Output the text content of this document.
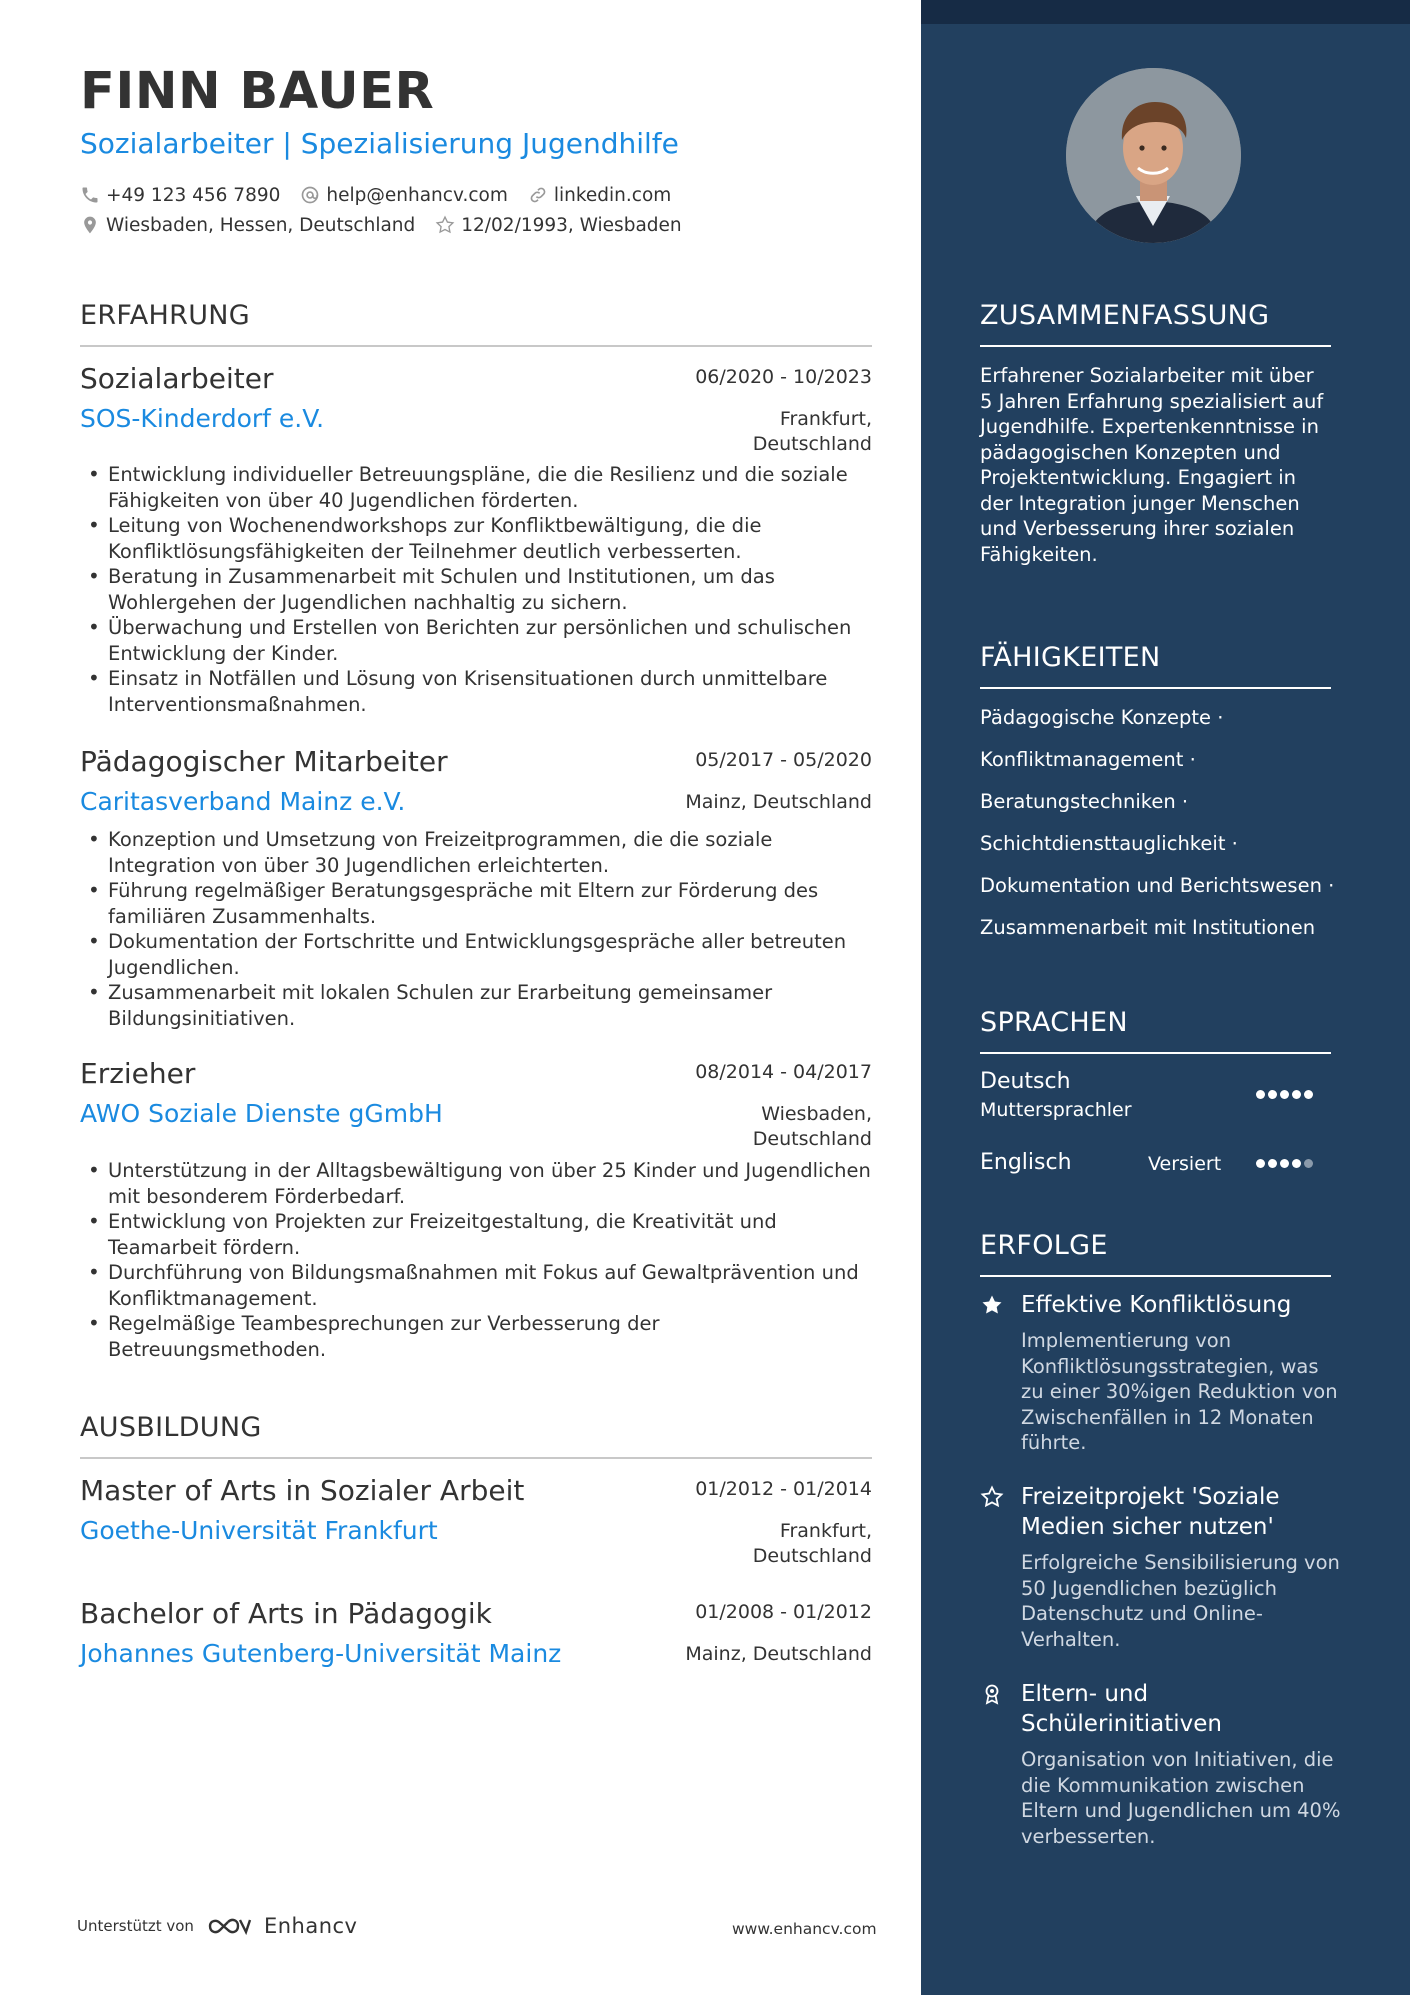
FINN BAUER
Sozialarbeiter | Spezialisierung Jugendhilfe
+49 123 456 7890 help@enhancv.com linkedin.com
Wiesbaden, Hessen, Deutschland 12/02/1993, Wiesbaden
ERFAHRUNG
Sozialarbeiter	06/2020 - 10/2023
SOS-Kinderdorf e.V.	Frankfurt,
Deutschland
• Entwicklung individueller Betreuungspläne, die die Resilienz und die soziale Fähigkeiten von über 40 Jugendlichen förderten.
• Leitung von Wochenendworkshops zur Konfliktbewältigung, die die Konfliktlösungsfähigkeiten der Teilnehmer deutlich verbesserten.
• Beratung in Zusammenarbeit mit Schulen und Institutionen, um das Wohlergehen der Jugendlichen nachhaltig zu sichern.
• Überwachung und Erstellen von Berichten zur persönlichen und schulischen Entwicklung der Kinder.
• Einsatz in Notfällen und Lösung von Krisensituationen durch unmittelbare Interventionsmaßnahmen.
Pädagogischer Mitarbeiter	05/2017 - 05/2020
Caritasverband Mainz e.V.	Mainz, Deutschland
• Konzeption und Umsetzung von Freizeitprogrammen, die die soziale Integration von über 30 Jugendlichen erleichterten.
• Führung regelmäßiger Beratungsgespräche mit Eltern zur Förderung des familiären Zusammenhalts.
• Dokumentation der Fortschritte und Entwicklungsgespräche aller betreuten Jugendlichen.
• Zusammenarbeit mit lokalen Schulen zur Erarbeitung gemeinsamer Bildungsinitiativen.
Erzieher	08/2014 - 04/2017
AWO Soziale Dienste gGmbH	Wiesbaden,
Deutschland
• Unterstützung in der Alltagsbewältigung von über 25 Kinder und Jugendlichen mit besonderem Förderbedarf.
• Entwicklung von Projekten zur Freizeitgestaltung, die Kreativität und Teamarbeit fördern.
• Durchführung von Bildungsmaßnahmen mit Fokus auf Gewaltprävention und Konfliktmanagement.
• Regelmäßige Teambesprechungen zur Verbesserung der Betreuungsmethoden.
AUSBILDUNG
Master of Arts in Sozialer Arbeit	01/2012 - 01/2014
Goethe-Universität Frankfurt	Frankfurt,
Deutschland
Bachelor of Arts in Pädagogik	01/2008 - 01/2012
Johannes Gutenberg-Universität Mainz	Mainz, Deutschland
Unterstützt von	Enhancv	www.enhancv.com
ZUSAMMENFASSUNG
Erfahrener Sozialarbeiter mit über 5 Jahren Erfahrung spezialisiert auf Jugendhilfe. Expertenkenntnisse in pädagogischen Konzepten und Projektentwicklung. Engagiert in der Integration junger Menschen und Verbesserung ihrer sozialen Fähigkeiten.
FÄHIGKEITEN
Pädagogische Konzepte ·
Konfliktmanagement ·
Beratungstechniken ·
Schichtdiensttauglichkeit ·
Dokumentation und Berichtswesen ·
Zusammenarbeit mit Institutionen
SPRACHEN
Deutsch
Muttersprachler
Englisch	Versiert
ERFOLGE
Effektive Konfliktlösung
Implementierung von Konfliktlösungsstrategien, was zu einer 30%igen Reduktion von Zwischenfällen in 12 Monaten führte.
Freizeitprojekt 'Soziale Medien sicher nutzen'
Erfolgreiche Sensibilisierung von 50 Jugendlichen bezüglich Datenschutz und Online-Verhalten.
Eltern- und Schülerinitiativen
Organisation von Initiativen, die die Kommunikation zwischen Eltern und Jugendlichen um 40% verbesserten.
